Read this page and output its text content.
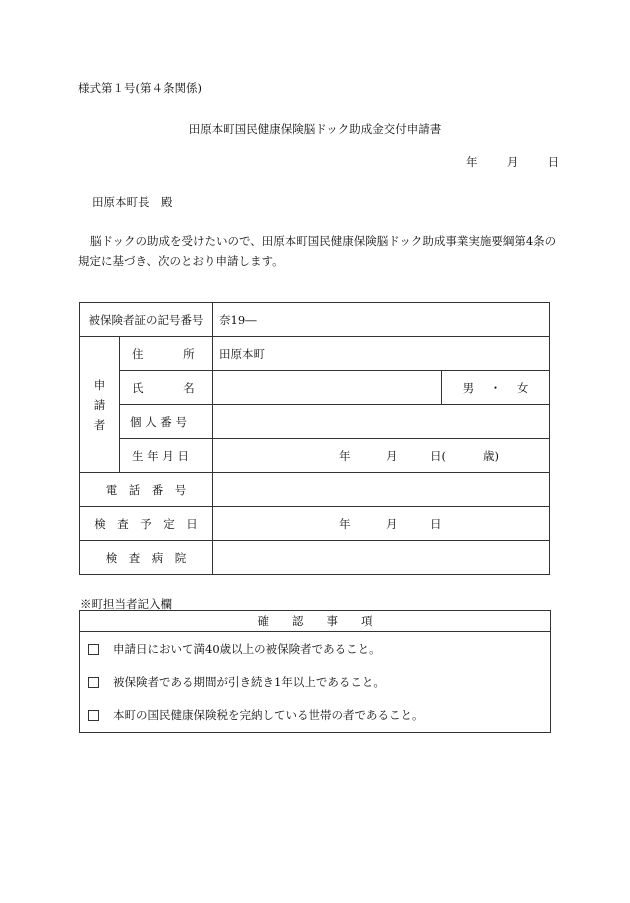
様式第１号(第４条関係)
田原本町国民健康保険脳ドック助成金交付申請書
年	月	日
田原本町長　殿
脳ドックの助成を受けたいので、田原本町国民健康保険脳ドック助成事業実施要綱第4条の規定に基づき、次のとおり申請します。
被保険者証の記号番号		奈19―	

申
請
者	住 所	田原本町	
	氏 名		男 ・ 女
	個 人 番 号		
	生 年 月 日	年 月 日( 歳)	

電　話　番　号			
検　査　予　定　日		年 月 日	

検　査　病　院			
※町担当者記入欄
確　　認　　事　　項

申請日において満40歳以上の被保険者であること。
被保険者である期間が引き続き1年以上であること。
本町の国民健康保険税を完納している世帯の者であること。
